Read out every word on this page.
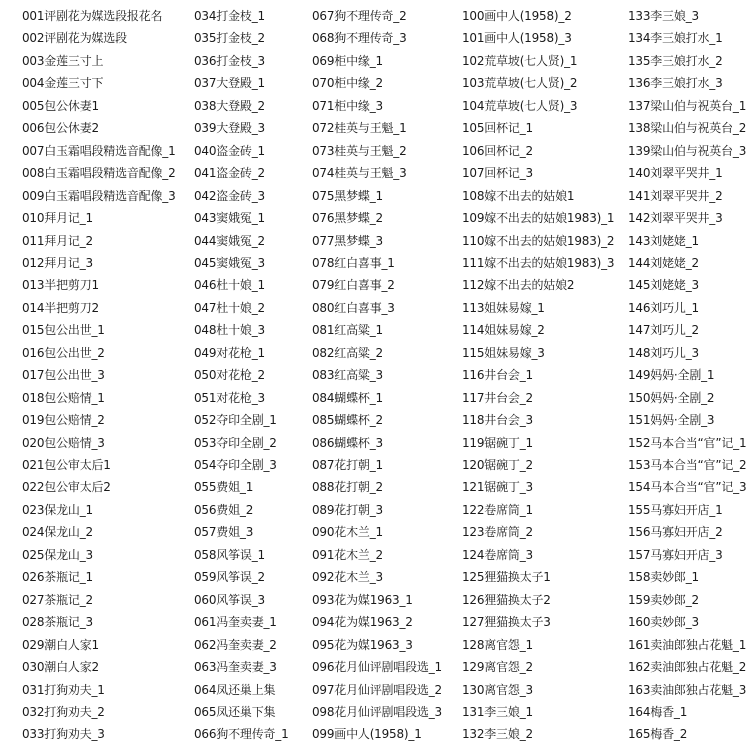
001评剧花为媒选段报花名
002评剧花为媒选段
003金莲三寸上
004金莲三寸下
005包公休妻1
006包公休妻2
007白玉霜唱段精选音配像_1
008白玉霜唱段精选音配像_2
009白玉霜唱段精选音配像_3
010拜月记_1
011拜月记_2
012拜月记_3
013半把剪刀1
014半把剪刀2
015包公出世_1
016包公出世_2
017包公出世_3
018包公赔情_1
019包公赔情_2
020包公赔情_3
021包公审太后1
022包公审太后2
023保龙山_1
024保龙山_2
025保龙山_3
026茶瓶记_1
027茶瓶记_2
028茶瓶记_3
029潮白人家1
030潮白人家2
031打狗劝夫_1
032打狗劝夫_2
033打狗劝夫_3
034打金枝_1
035打金枝_2
036打金枝_3
037大登殿_1
038大登殿_2
039大登殿_3
040盗金砖_1
041盗金砖_2
042盗金砖_3
043窦娥冤_1
044窦娥冤_2
045窦娥冤_3
046杜十娘_1
047杜十娘_2
048杜十娘_3
049对花枪_1
050对花枪_2
051对花枪_3
052夺印全剧_1
053夺印全剧_2
054夺印全剧_3
055费姐_1
056费姐_2
057费姐_3
058风筝误_1
059风筝误_2
060风筝误_3
061冯奎卖妻_1
062冯奎卖妻_2
063冯奎卖妻_3
064凤还巢上集
065凤还巢下集
066狗不理传奇_1
067狗不理传奇_2
068狗不理传奇_3
069柜中缘_1
070柜中缘_2
071柜中缘_3
072桂英与王魁_1
073桂英与王魁_2
074桂英与王魁_3
075黑梦蝶_1
076黑梦蝶_2
077黑梦蝶_3
078红白喜事_1
079红白喜事_2
080红白喜事_3
081红高粱_1
082红高粱_2
083红高粱_3
084蝴蝶杯_1
085蝴蝶杯_2
086蝴蝶杯_3
087花打朝_1
088花打朝_2
089花打朝_3
090花木兰_1
091花木兰_2
092花木兰_3
093花为媒1963_1
094花为媒1963_2
095花为媒1963_3
096花月仙评剧唱段选_1
097花月仙评剧唱段选_2
098花月仙评剧唱段选_3
099画中人(1958)_1
100画中人(1958)_2
101画中人(1958)_3
102荒草坡(七人贤)_1
103荒草坡(七人贤)_2
104荒草坡(七人贤)_3
105回杯记_1
106回杯记_2
107回杯记_3
108嫁不出去的姑娘1
109嫁不出去的姑娘1983)_1
110嫁不出去的姑娘1983)_2
111嫁不出去的姑娘1983)_3
112嫁不出去的姑娘2
113姐妹易嫁_1
114姐妹易嫁_2
115姐妹易嫁_3
116井台会_1
117井台会_2
118井台会_3
119锯碗丁_1
120锯碗丁_2
121锯碗丁_3
122卷席筒_1
123卷席筒_2
124卷席筒_3
125狸猫换太子1
126狸猫换太子2
127狸猫换太子3
128离官怨_1
129离官怨_2
130离官怨_3
131李三娘_1
132李三娘_2
133李三娘_3
134李三娘打水_1
135李三娘打水_2
136李三娘打水_3
137梁山伯与祝英台_1
138梁山伯与祝英台_2
139梁山伯与祝英台_3
140刘翠平哭井_1
141刘翠平哭井_2
142刘翠平哭井_3
143刘姥姥_1
144刘姥姥_2
145刘姥姥_3
146刘巧儿_1
147刘巧儿_2
148刘巧儿_3
149妈妈·全剧_1
150妈妈·全剧_2
151妈妈·全剧_3
152马本合当“官”记_1
153马本合当“官”记_2
154马本合当“官”记_3
155马寡妇开店_1
156马寡妇开店_2
157马寡妇开店_3
158卖妙郎_1
159卖妙郎_2
160卖妙郎_3
161卖油郎独占花魁_1
162卖油郎独占花魁_2
163卖油郎独占花魁_3
164梅香_1
165梅香_2
